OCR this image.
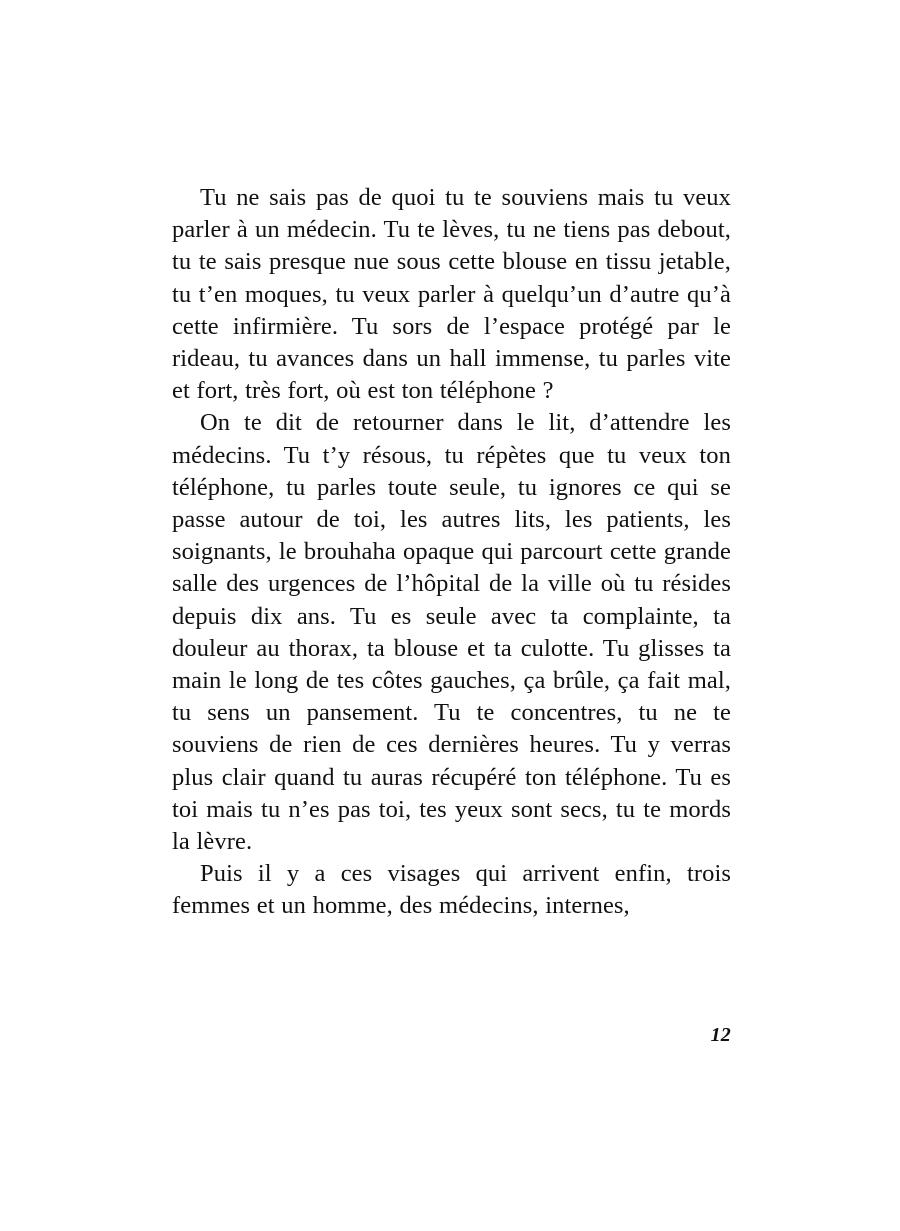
Tu ne sais pas de quoi tu te souviens mais tu veux parler à un médecin. Tu te lèves, tu ne tiens pas debout, tu te sais presque nue sous cette blouse en tissu jetable, tu t’en moques, tu veux parler à quelqu’un d’autre qu’à cette infirmière. Tu sors de l’espace protégé par le rideau, tu avances dans un hall immense, tu parles vite et fort, très fort, où est ton téléphone ?

On te dit de retourner dans le lit, d’attendre les médecins. Tu t’y résous, tu répètes que tu veux ton téléphone, tu parles toute seule, tu ignores ce qui se passe autour de toi, les autres lits, les patients, les soignants, le brouhaha opaque qui parcourt cette grande salle des urgences de l’hôpital de la ville où tu résides depuis dix ans. Tu es seule avec ta complainte, ta douleur au thorax, ta blouse et ta culotte. Tu glisses ta main le long de tes côtes gauches, ça brûle, ça fait mal, tu sens un pansement. Tu te concentres, tu ne te souviens de rien de ces dernières heures. Tu y verras plus clair quand tu auras récupéré ton téléphone. Tu es toi mais tu n’es pas toi, tes yeux sont secs, tu te mords la lèvre.

Puis il y a ces visages qui arrivent enfin, trois femmes et un homme, des médecins, internes,

12
